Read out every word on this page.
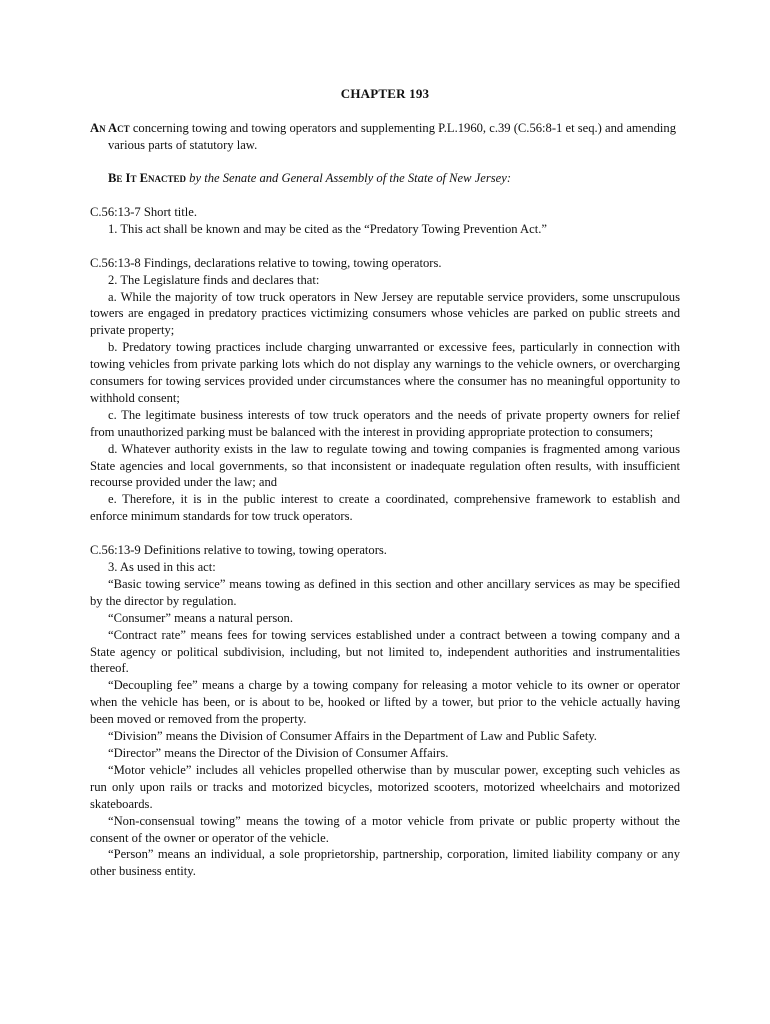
CHAPTER 193
An Act concerning towing and towing operators and supplementing P.L.1960, c.39 (C.56:8-1 et seq.) and amending various parts of statutory law.
Be It Enacted by the Senate and General Assembly of the State of New Jersey:

C.56:13-7 Short title.

1. This act shall be known and may be cited as the “Predatory Towing Prevention Act.”

C.56:13-8 Findings, declarations relative to towing, towing operators.

2. The Legislature finds and declares that:

a. While the majority of tow truck operators in New Jersey are reputable service providers, some unscrupulous towers are engaged in predatory practices victimizing consumers whose vehicles are parked on public streets and private property;

b. Predatory towing practices include charging unwarranted or excessive fees, particularly in connection with towing vehicles from private parking lots which do not display any warnings to the vehicle owners, or overcharging consumers for towing services provided under circumstances where the consumer has no meaningful opportunity to withhold consent;

c. The legitimate business interests of tow truck operators and the needs of private property owners for relief from unauthorized parking must be balanced with the interest in providing appropriate protection to consumers;

d. Whatever authority exists in the law to regulate towing and towing companies is fragmented among various State agencies and local governments, so that inconsistent or inadequate regulation often results, with insufficient recourse provided under the law; and

e. Therefore, it is in the public interest to create a coordinated, comprehensive framework to establish and enforce minimum standards for tow truck operators.

C.56:13-9 Definitions relative to towing, towing operators.

3. As used in this act:

“Basic towing service” means towing as defined in this section and other ancillary services as may be specified by the director by regulation.

“Consumer” means a natural person.

“Contract rate” means fees for towing services established under a contract between a towing company and a State agency or political subdivision, including, but not limited to, independent authorities and instrumentalities thereof.

“Decoupling fee” means a charge by a towing company for releasing a motor vehicle to its owner or operator when the vehicle has been, or is about to be, hooked or lifted by a tower, but prior to the vehicle actually having been moved or removed from the property.

“Division” means the Division of Consumer Affairs in the Department of Law and Public Safety.

“Director” means the Director of the Division of Consumer Affairs.

“Motor vehicle” includes all vehicles propelled otherwise than by muscular power, excepting such vehicles as run only upon rails or tracks and motorized bicycles, motorized scooters, motorized wheelchairs and motorized skateboards.

“Non-consensual towing” means the towing of a motor vehicle from private or public property without the consent of the owner or operator of the vehicle.

“Person” means an individual, a sole proprietorship, partnership, corporation, limited liability company or any other business entity.
